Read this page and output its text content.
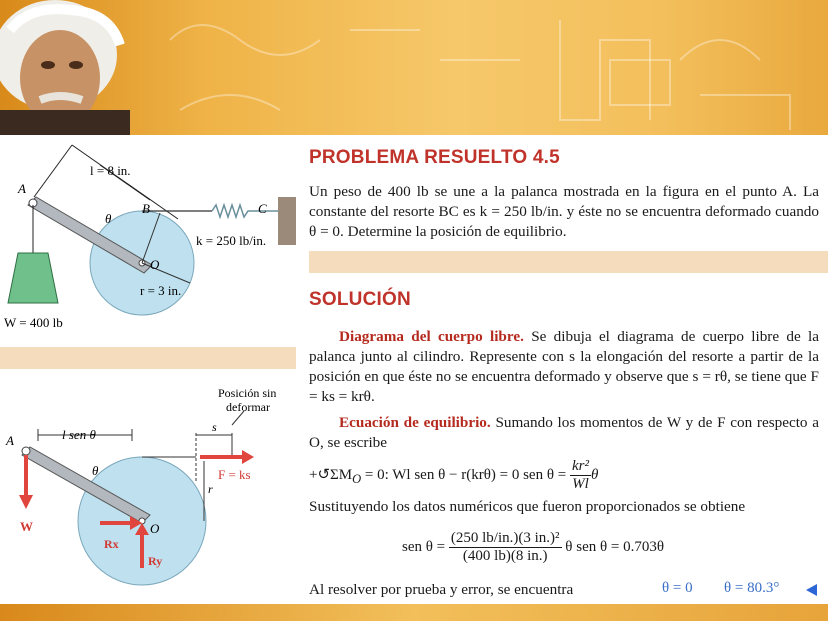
l = 8 in.
A
B	C
θ
k = 250 lb/in.
O
r = 3 in.
W = 400 lb
Posición sin
deformar
s
l sen θ
A
θ
r
F = ks
W	O
Rx
Ry
PROBLEMA RESUELTO 4.5
Un peso de 400 lb se une a la palanca mostrada en la figura en el punto A. La constante del resorte BC es k = 250 lb/in. y éste no se encuentra deformado cuando θ = 0. Determine la posición de equilibrio.
SOLUCIÓN
Diagrama del cuerpo libre. Se dibuja el diagrama de cuerpo libre de la palanca junto al cilindro. Represente con s la elongación del resorte a partir de la posición en que éste no se encuentra deformado y observe que s = rθ, se tiene que F = ks = krθ.
Ecuación de equilibrio. Sumando los momentos de W y de F con respecto a O, se escribe
$+↺\Sigma M_O = 0$: Wl sen θ − r(krθ) = 0 sen $\theta = \frac{\text{kr²}}{Wl}$ θ
Sustituyendo los datos numéricos que fueron proporcionados se obtiene
sen $\theta = \frac{\text{(250 lb/in.)(3 in.)²}}{(400 lb)(8 in.)}$ θ sen θ = 0.703θ
Al resolver por prueba y error, se encuentra	θ = 0 θ = 80.3°
